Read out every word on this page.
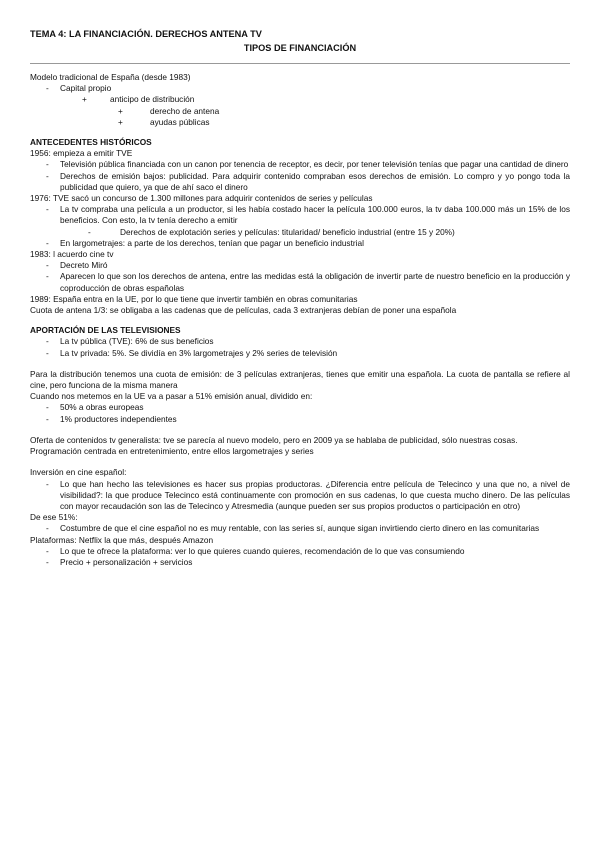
TEMA 4: LA FINANCIACIÓN. DERECHOS ANTENA TV
TIPOS DE FINANCIACIÓN
Modelo tradicional de España (desde 1983)
-	Capital propio
+	anticipo de distribución
+	derecho de antena
+	ayudas públicas
ANTECEDENTES HISTÓRICOS
1956: empieza a emitir TVE
-	Televisión pública financiada con un canon por tenencia de receptor, es decir, por tener televisión tenías que pagar una cantidad de dinero
-	Derechos de emisión bajos: publicidad. Para adquirir contenido compraban esos derechos de emisión. Lo compro y yo pongo toda la publicidad que quiero, ya que de ahí saco el dinero
1976: TVE sacó un concurso de 1.300 millones para adquirir contenidos de series y películas
-	La tv compraba una película a un productor, si les había costado hacer la película 100.000 euros, la tv daba 100.000 más un 15% de los beneficios. Con esto, la tv tenía derecho a emitir
-	Derechos de explotación series y películas: titularidad/ beneficio industrial (entre 15 y 20%)
-	En largometrajes: a parte de los derechos, tenían que pagar un beneficio industrial
1983: l acuerdo cine tv
-	Decreto Miró
-	Aparecen lo que son los derechos de antena, entre las medidas está la obligación de invertir parte de nuestro beneficio en la producción y coproducción de obras españolas
1989: España entra en la UE, por lo que tiene que invertir también en obras comunitarias
Cuota de antena 1/3: se obligaba a las cadenas que de películas, cada 3 extranjeras debían de poner una española
APORTACIÓN DE LAS TELEVISIONES
-	La tv pública (TVE): 6% de sus beneficios
-	La tv privada: 5%. Se dividía en 3% largometrajes y 2% series de televisión
Para la distribución tenemos una cuota de emisión: de 3 películas extranjeras, tienes que emitir una española. La cuota de pantalla se refiere al cine, pero funciona de la misma manera
Cuando nos metemos en la UE va a pasar a 51% emisión anual, dividido en:
-	50% a obras europeas
-	1% productores independientes
Oferta de contenidos tv generalista: tve se parecía al nuevo modelo, pero en 2009 ya se hablaba de publicidad, sólo nuestras cosas.
Programación centrada en entretenimiento, entre ellos largometrajes y series
Inversión en cine español:
-	Lo que han hecho las televisiones es hacer sus propias productoras. ¿Diferencia entre película de Telecinco y una que no, a nivel de visibilidad?: la que produce Telecinco está continuamente con promoción en sus cadenas, lo que cuesta mucho dinero. De las películas con mayor recaudación son las de Telecinco y Atresmedia (aunque pueden ser sus propios productos o participación en otro)
De ese 51%:
-	Costumbre de que el cine español no es muy rentable, con las series sí, aunque sigan invirtiendo cierto dinero en las comunitarias
Plataformas: Netflix la que más, después Amazon
-	Lo que te ofrece la plataforma: ver lo que quieres cuando quieres, recomendación de lo que vas consumiendo
-	Precio + personalización + servicios
